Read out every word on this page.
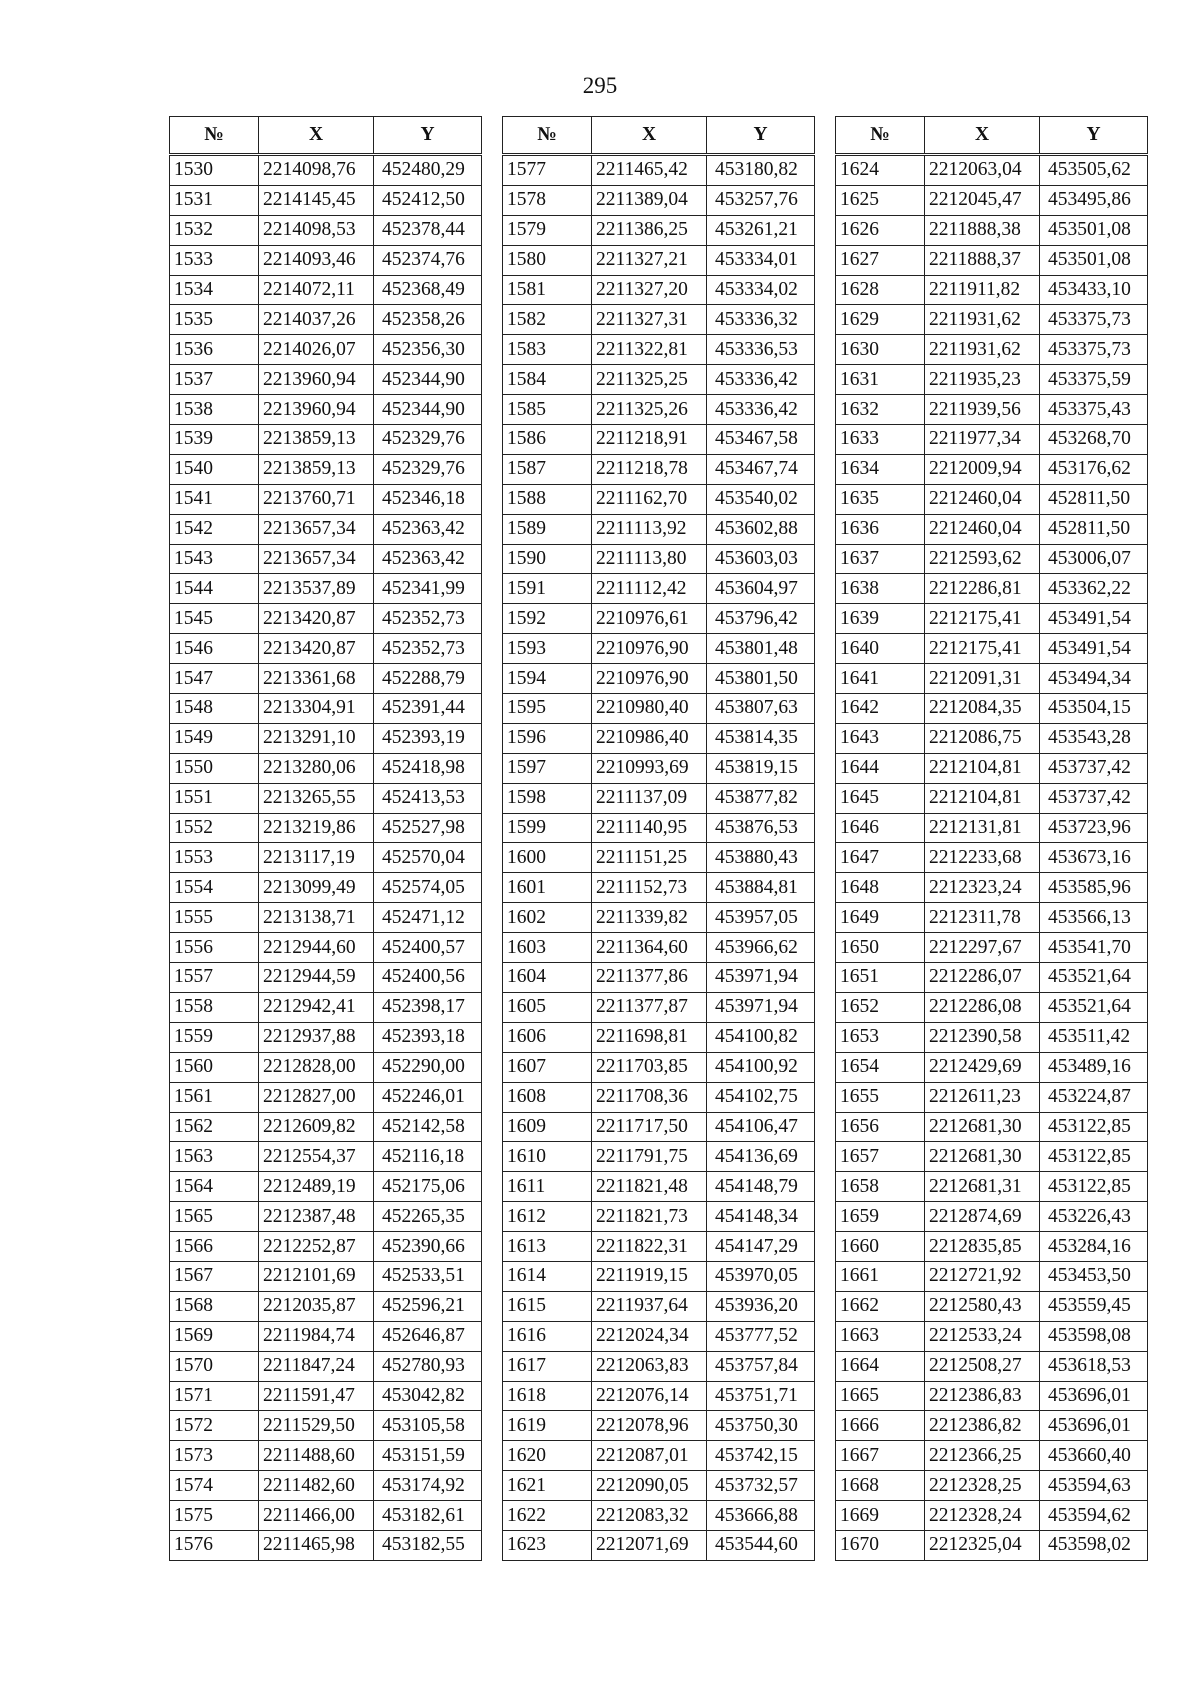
295
№	X	Y
1530	2214098,76	452480,29
1531	2214145,45	452412,50
1532	2214098,53	452378,44
1533	2214093,46	452374,76
1534	2214072,11	452368,49
1535	2214037,26	452358,26
1536	2214026,07	452356,30
1537	2213960,94	452344,90
1538	2213960,94	452344,90
1539	2213859,13	452329,76
1540	2213859,13	452329,76
1541	2213760,71	452346,18
1542	2213657,34	452363,42
1543	2213657,34	452363,42
1544	2213537,89	452341,99
1545	2213420,87	452352,73
1546	2213420,87	452352,73
1547	2213361,68	452288,79
1548	2213304,91	452391,44
1549	2213291,10	452393,19
1550	2213280,06	452418,98
1551	2213265,55	452413,53
1552	2213219,86	452527,98
1553	2213117,19	452570,04
1554	2213099,49	452574,05
1555	2213138,71	452471,12
1556	2212944,60	452400,57
1557	2212944,59	452400,56
1558	2212942,41	452398,17
1559	2212937,88	452393,18
1560	2212828,00	452290,00
1561	2212827,00	452246,01
1562	2212609,82	452142,58
1563	2212554,37	452116,18
1564	2212489,19	452175,06
1565	2212387,48	452265,35
1566	2212252,87	452390,66
1567	2212101,69	452533,51
1568	2212035,87	452596,21
1569	2211984,74	452646,87
1570	2211847,24	452780,93
1571	2211591,47	453042,82
1572	2211529,50	453105,58
1573	2211488,60	453151,59
1574	2211482,60	453174,92
1575	2211466,00	453182,61
1576	2211465,98	453182,55
№	X	Y
1577	2211465,42	453180,82
1578	2211389,04	453257,76
1579	2211386,25	453261,21
1580	2211327,21	453334,01
1581	2211327,20	453334,02
1582	2211327,31	453336,32
1583	2211322,81	453336,53
1584	2211325,25	453336,42
1585	2211325,26	453336,42
1586	2211218,91	453467,58
1587	2211218,78	453467,74
1588	2211162,70	453540,02
1589	2211113,92	453602,88
1590	2211113,80	453603,03
1591	2211112,42	453604,97
1592	2210976,61	453796,42
1593	2210976,90	453801,48
1594	2210976,90	453801,50
1595	2210980,40	453807,63
1596	2210986,40	453814,35
1597	2210993,69	453819,15
1598	2211137,09	453877,82
1599	2211140,95	453876,53
1600	2211151,25	453880,43
1601	2211152,73	453884,81
1602	2211339,82	453957,05
1603	2211364,60	453966,62
1604	2211377,86	453971,94
1605	2211377,87	453971,94
1606	2211698,81	454100,82
1607	2211703,85	454100,92
1608	2211708,36	454102,75
1609	2211717,50	454106,47
1610	2211791,75	454136,69
1611	2211821,48	454148,79
1612	2211821,73	454148,34
1613	2211822,31	454147,29
1614	2211919,15	453970,05
1615	2211937,64	453936,20
1616	2212024,34	453777,52
1617	2212063,83	453757,84
1618	2212076,14	453751,71
1619	2212078,96	453750,30
1620	2212087,01	453742,15
1621	2212090,05	453732,57
1622	2212083,32	453666,88
1623	2212071,69	453544,60
№	X	Y
1624	2212063,04	453505,62
1625	2212045,47	453495,86
1626	2211888,38	453501,08
1627	2211888,37	453501,08
1628	2211911,82	453433,10
1629	2211931,62	453375,73
1630	2211931,62	453375,73
1631	2211935,23	453375,59
1632	2211939,56	453375,43
1633	2211977,34	453268,70
1634	2212009,94	453176,62
1635	2212460,04	452811,50
1636	2212460,04	452811,50
1637	2212593,62	453006,07
1638	2212286,81	453362,22
1639	2212175,41	453491,54
1640	2212175,41	453491,54
1641	2212091,31	453494,34
1642	2212084,35	453504,15
1643	2212086,75	453543,28
1644	2212104,81	453737,42
1645	2212104,81	453737,42
1646	2212131,81	453723,96
1647	2212233,68	453673,16
1648	2212323,24	453585,96
1649	2212311,78	453566,13
1650	2212297,67	453541,70
1651	2212286,07	453521,64
1652	2212286,08	453521,64
1653	2212390,58	453511,42
1654	2212429,69	453489,16
1655	2212611,23	453224,87
1656	2212681,30	453122,85
1657	2212681,30	453122,85
1658	2212681,31	453122,85
1659	2212874,69	453226,43
1660	2212835,85	453284,16
1661	2212721,92	453453,50
1662	2212580,43	453559,45
1663	2212533,24	453598,08
1664	2212508,27	453618,53
1665	2212386,83	453696,01
1666	2212386,82	453696,01
1667	2212366,25	453660,40
1668	2212328,25	453594,63
1669	2212328,24	453594,62
1670	2212325,04	453598,02
